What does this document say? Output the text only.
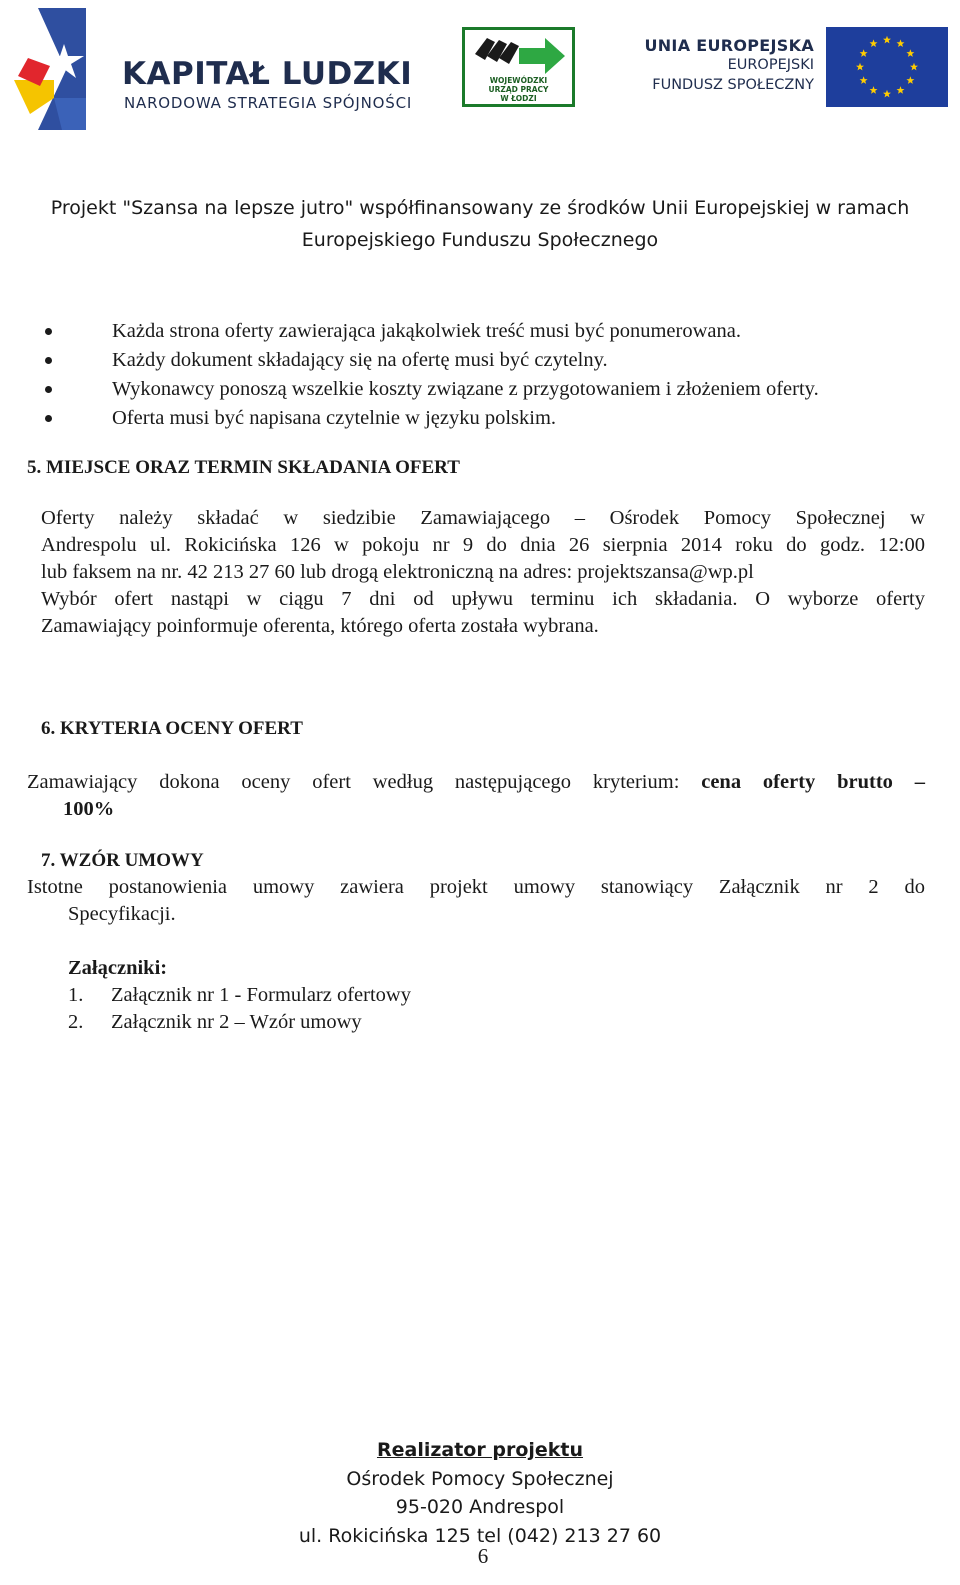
KAPITAŁ LUDZKI
NARODOWA STRATEGIA SPÓJNOŚCI
WOJEWÓDZKI
URZĄD PRACY
W ŁODZI
UNIA EUROPEJSKA
EUROPEJSKI
FUNDUSZ SPOŁECZNY
Projekt "Szansa na lepsze jutro" współfinansowany ze środków Unii Europejskiej w ramach
Europejskiego Funduszu Społecznego
Każda strona oferty zawierająca jakąkolwiek treść musi być ponumerowana.
Każdy dokument składający się na ofertę musi być czytelny.
Wykonawcy ponoszą wszelkie koszty związane z przygotowaniem i złożeniem oferty.
Oferta musi być napisana czytelnie w języku polskim.
5. MIEJSCE ORAZ TERMIN SKŁADANIA OFERT
Oferty należy składać w siedzibie Zamawiającego – Ośrodek Pomocy Społecznej w
Andrespolu ul. Rokicińska 126 w pokoju nr 9 do dnia 26 sierpnia 2014 roku do godz. 12:00
lub faksem na nr. 42 213 27 60 lub drogą elektroniczną na adres: projektszansa@wp.pl
Wybór ofert nastąpi w ciągu 7 dni od upływu terminu ich składania. O wyborze oferty
Zamawiający poinformuje oferenta, którego oferta została wybrana.
6. KRYTERIA OCENY OFERT
Zamawiający dokona oceny ofert według następującego kryterium: cena oferty brutto –
100%
7. WZÓR UMOWY
Istotne postanowienia umowy zawiera projekt umowy stanowiący Załącznik nr 2 do
Specyfikacji.
Załączniki:
1. Załącznik nr 1 - Formularz ofertowy
2. Załącznik nr 2 – Wzór umowy
Realizator projektu
Ośrodek Pomocy Społecznej
95-020 Andrespol
ul. Rokicińska 125 tel (042) 213 27 60
6
